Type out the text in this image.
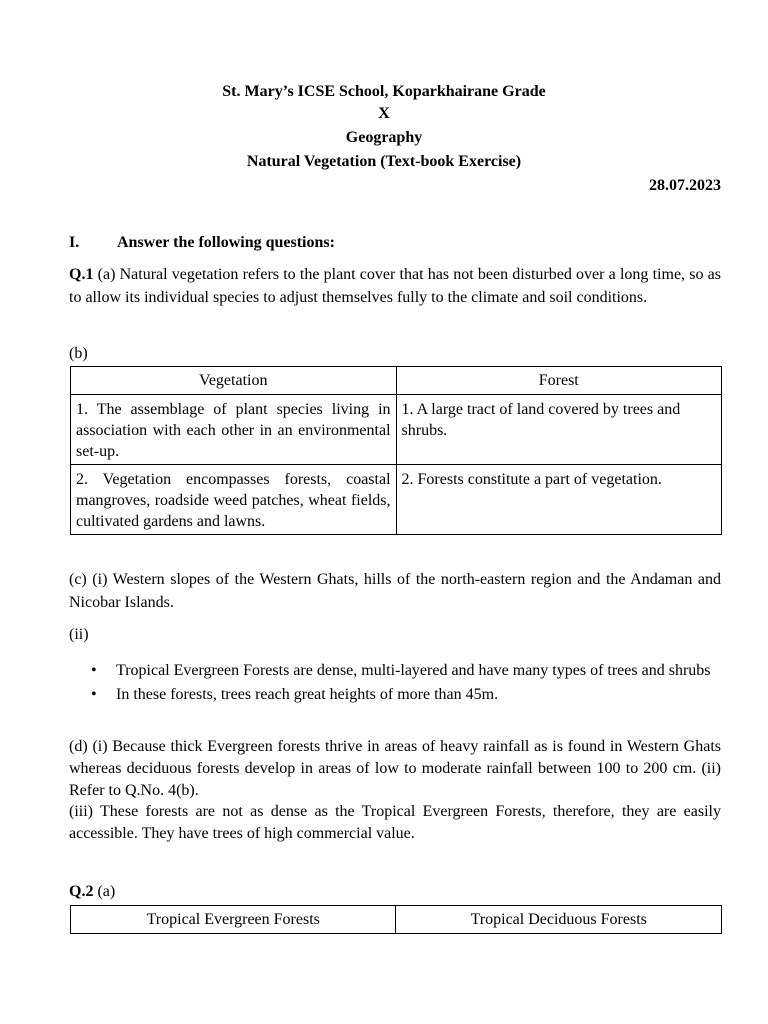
St. Mary’s ICSE School, Koparkhairane Grade
X
Geography
Natural Vegetation (Text-book Exercise)
28.07.2023
I. Answer the following questions:
Q.1 (a) Natural vegetation refers to the plant cover that has not been disturbed over a long time, so as to allow its individual species to adjust themselves fully to the climate and soil conditions.
(b)
Vegetation	Forest
1. The assemblage of plant species living in association with each other in an environmental set-up.	1. A large tract of land covered by trees and shrubs.
2. Vegetation encompasses forests, coastal mangroves, roadside weed patches, wheat fields, cultivated gardens and lawns.	2. Forests constitute a part of vegetation.
(c) (i) Western slopes of the Western Ghats, hills of the north-eastern region and the Andaman and Nicobar Islands.
(ii)
• Tropical Evergreen Forests are dense, multi-layered and have many types of trees and shrubs
• In these forests, trees reach great heights of more than 45m.
(d) (i) Because thick Evergreen forests thrive in areas of heavy rainfall as is found in Western Ghats whereas deciduous forests develop in areas of low to moderate rainfall between 100 to 200 cm. (ii) Refer to Q.No. 4(b).
(iii) These forests are not as dense as the Tropical Evergreen Forests, therefore, they are easily accessible. They have trees of high commercial value.
Q.2 (a)
Tropical Evergreen Forests	Tropical Deciduous Forests
